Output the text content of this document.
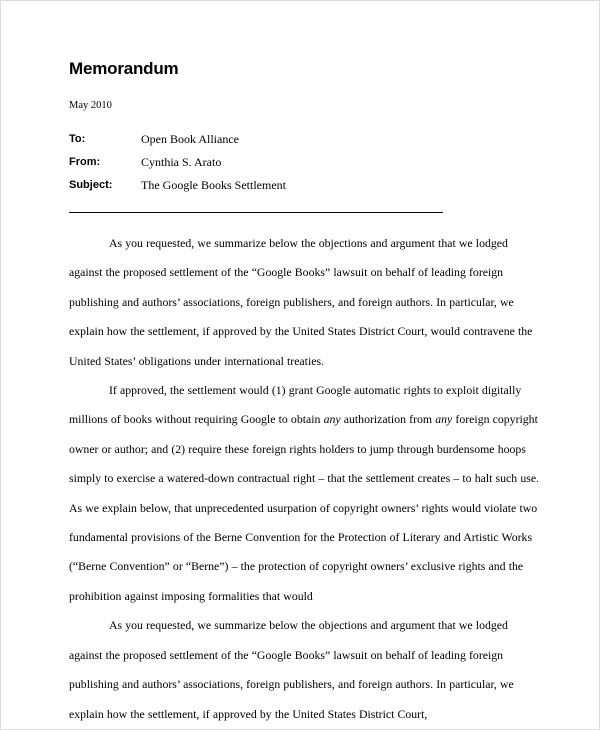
Memorandum

May 2010

To:	Open Book Alliance
From:	Cynthia S. Arato
Subject:	The Google Books Settlement

As you requested, we summarize below the objections and argument that we lodged against the proposed settlement of the “Google Books” lawsuit on behalf of leading foreign publishing and authors’ associations, foreign publishers, and foreign authors. In particular, we explain how the settlement, if approved by the United States District Court, would contravene the United States’ obligations under international treaties.

If approved, the settlement would (1) grant Google automatic rights to exploit digitally millions of books without requiring Google to obtain any authorization from any foreign copyright owner or author; and (2) require these foreign rights holders to jump through burdensome hoops simply to exercise a watered-down contractual right – that the settlement creates – to halt such use. As we explain below, that unprecedented usurpation of copyright owners’ rights would violate two fundamental provisions of the Berne Convention for the Protection of Literary and Artistic Works (“Berne Convention” or “Berne”) – the protection of copyright owners’ exclusive rights and the prohibition against imposing formalities that would

As you requested, we summarize below the objections and argument that we lodged against the proposed settlement of the “Google Books” lawsuit on behalf of leading foreign publishing and authors’ associations, foreign publishers, and foreign authors. In particular, we explain how the settlement, if approved by the United States District Court,
